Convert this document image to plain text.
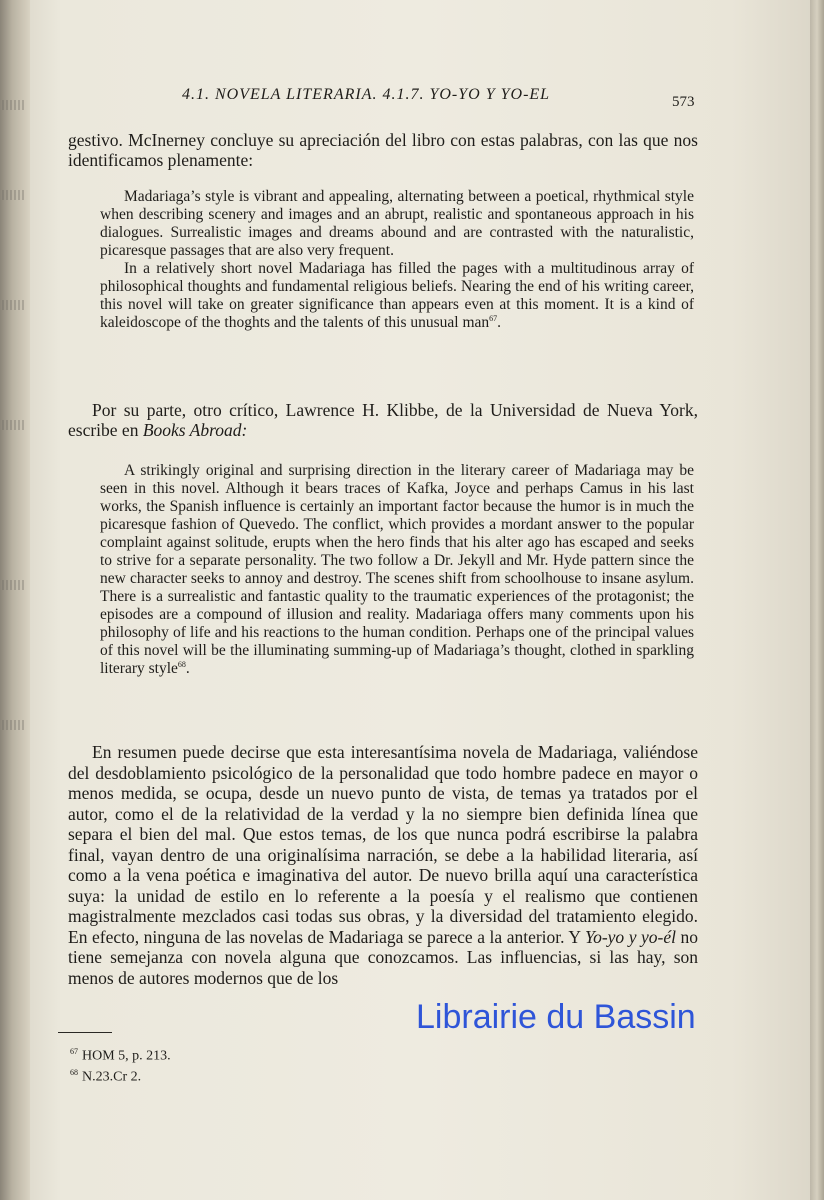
4.1. NOVELA LITERARIA. 4.1.7. YO-YO Y YO-EL	573

gestivo. McInerney concluye su apreciación del libro con estas palabras, con las que nos identificamos plenamente:

Madariaga’s style is vibrant and appealing, alternating between a poetical, rhythmical style when describing scenery and images and an abrupt, realistic and spontaneous approach in his dialogues. Surrealistic images and dreams abound and are contrasted with the naturalistic, picaresque passages that are also very frequent.

In a relatively short novel Madariaga has filled the pages with a multitudinous array of philosophical thoughts and fundamental religious beliefs. Nearing the end of his writing career, this novel will take on greater significance than appears even at this moment. It is a kind of kaleidoscope of the thoghts and the talents of this unusual man$^{67}$.

Por su parte, otro crítico, Lawrence H. Klibbe, de la Universidad de Nueva York, escribe en Books Abroad:

A strikingly original and surprising direction in the literary career of Madariaga may be seen in this novel. Although it bears traces of Kafka, Joyce and perhaps Camus in his last works, the Spanish influence is certainly an important factor because the humor is in much the picaresque fashion of Quevedo. The conflict, which provides a mordant answer to the popular complaint against solitude, erupts when the hero finds that his alter ago has escaped and seeks to strive for a separate personality. The two follow a Dr. Jekyll and Mr. Hyde pattern since the new character seeks to annoy and destroy. The scenes shift from schoolhouse to insane asylum. There is a surrealistic and fantastic quality to the traumatic experiences of the protagonist; the episodes are a compound of illusion and reality. Madariaga offers many comments upon his philosophy of life and his reactions to the human condition. Perhaps one of the principal values of this novel will be the illuminating summing-up of Madariaga’s thought, clothed in sparkling literary style$^{68}$.

En resumen puede decirse que esta interesantísima novela de Madariaga, valiéndose del desdoblamiento psicológico de la personalidad que todo hombre padece en mayor o menos medida, se ocupa, desde un nuevo punto de vista, de temas ya tratados por el autor, como el de la relatividad de la verdad y la no siempre bien definida línea que separa el bien del mal. Que estos temas, de los que nunca podrá escribirse la palabra final, vayan dentro de una originalísima narración, se debe a la habilidad literaria, así como a la vena poética e imaginativa del autor. De nuevo brilla aquí una característica suya: la unidad de estilo en lo referente a la poesía y el realismo que contienen magistralmente mezclados casi todas sus obras, y la diversidad del tratamiento elegido. En efecto, ninguna de las novelas de Madariaga se parece a la anterior. Y Yo-yo y yo-él no tiene semejanza con novela alguna que conozcamos. Las influencias, si las hay, son menos de autores modernos que de los

$^{67}$ HOM 5, p. 213.
$^{68}$ N.23.Cr 2.
Librairie du Bassin
